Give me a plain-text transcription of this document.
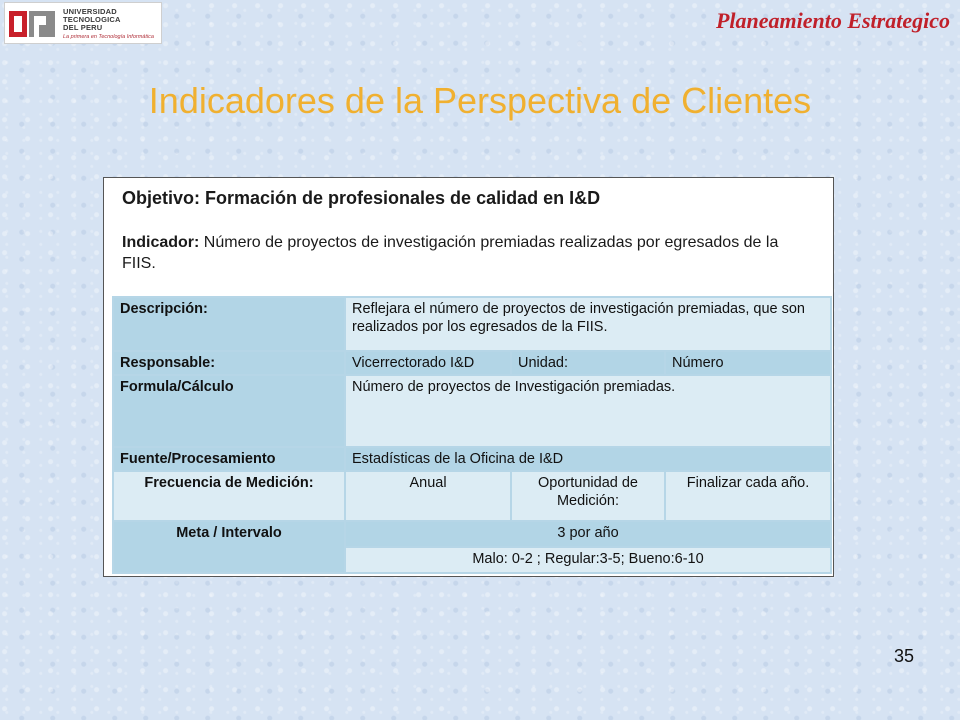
UNIVERSIDAD
TECNOLOGICA
DEL PERU
La primera en Tecnología Informática
Planeamiento Estrategico
Indicadores de la Perspectiva de Clientes
Objetivo: Formación de profesionales de calidad en I&D
Indicador: Número de proyectos de investigación premiadas realizadas por egresados de la FIIS.
Descripción:	Reflejara el número de proyectos de investigación premiadas, que son realizados por los egresados de la FIIS.		
Responsable:	Vicerrectorado I&D	Unidad:	Número
Formula/Cálculo	Número de proyectos de Investigación premiadas.		
Fuente/Procesamiento	Estadísticas de la Oficina de I&D		
Frecuencia de Medición:	Anual	Oportunidad de Medición:	Finalizar cada año.
Meta / Intervalo	3 por año		
	Malo: 0-2 ; Regular:3-5; Bueno:6-10		
35
